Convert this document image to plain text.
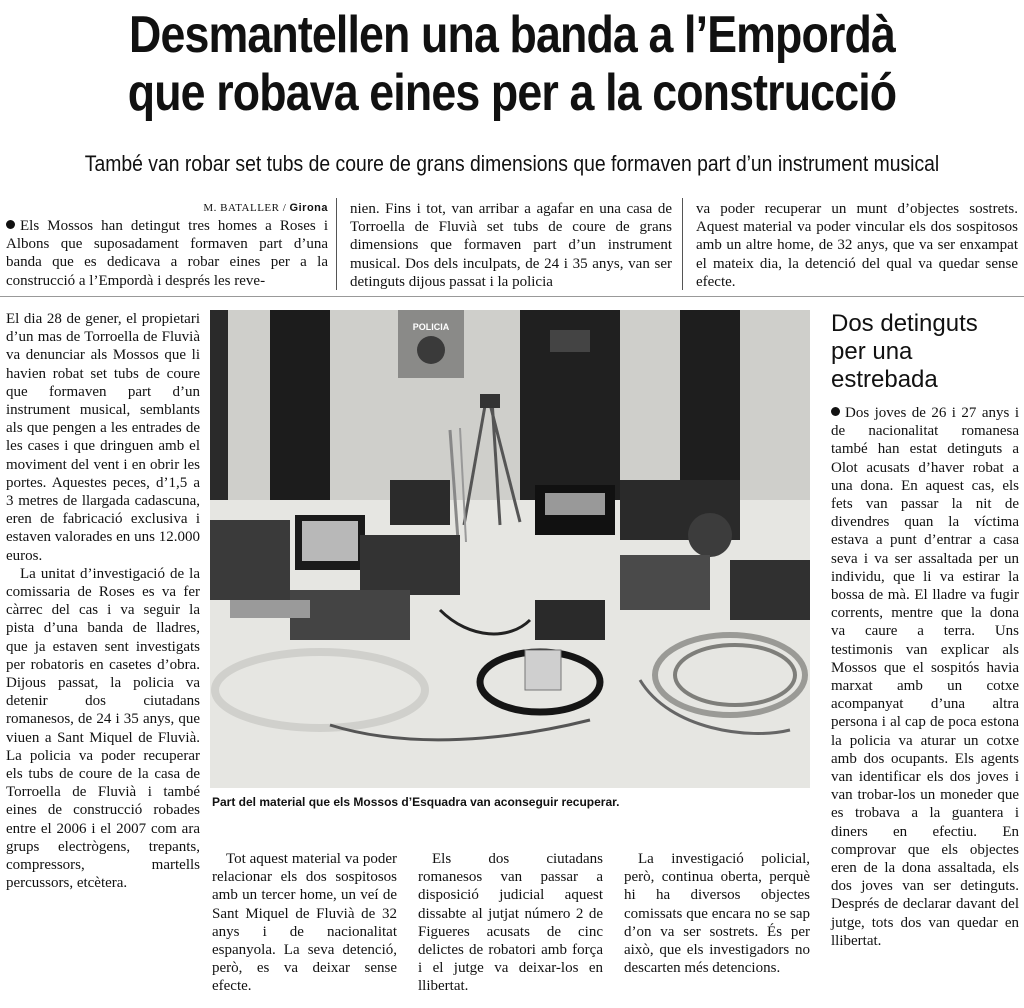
Desmantellen una banda a l’Empordà
que robava eines per a la construcció
També van robar set tubs de coure de grans dimensions que formaven part d’un instrument musical
M. BATALLER / Girona

Els Mossos han detingut tres homes a Roses i Albons que suposadament formaven part d’una banda que es dedicava a robar eines per a la construcció a l’Empordà i després les reve-

nien. Fins i tot, van arribar a agafar en una casa de Torroella de Fluvià set tubs de coure de grans dimensions que formaven part d’un instrument musical. Dos dels inculpats, de 24 i 35 anys, van ser detinguts dijous passat i la policia

va poder recuperar un munt d’objectes sostrets. Aquest material va poder vincular els dos sospitosos amb un altre home, de 32 anys, que va ser enxampat el mateix dia, la detenció del qual va quedar sense efecte.

El dia 28 de gener, el propietari d’un mas de Torroella de Fluvià va denunciar als Mossos que li havien robat set tubs de coure que formaven part d’un instrument musical, semblants als que pengen a les entrades de les cases i que dringuen amb el moviment del vent i en obrir les portes. Aquestes peces, d’1,5 a 3 metres de llargada cadascuna, eren de fabricació exclusiva i estaven valorades en uns 12.000 euros.

La unitat d’investigació de la comissaria de Roses es va fer càrrec del cas i va seguir la pista d’una banda de lladres, que ja estaven sent investigats per robatoris en casetes d’obra. Dijous passat, la policia va detenir dos ciutadans romanesos, de 24 i 35 anys, que viuen a Sant Miquel de Fluvià. La policia va poder recuperar els tubs de coure de la casa de Torroella de Fluvià i també eines de construcció robades entre el 2006 i el 2007 com ara grups electrògens, trepants, compressors, martells percussors, etcètera.

POLICIA
Part del material que els Mossos d’Esquadra van aconseguir recuperar.

Tot aquest material va poder relacionar els dos sospitosos amb un tercer home, un veí de Sant Miquel de Fluvià de 32 anys i de nacionalitat espanyola. La seva detenció, però, es va deixar sense efecte.

Els dos ciutadans romanesos van passar a disposició judicial aquest dissabte al jutjat número 2 de Figueres acusats de cinc delictes de robatori amb força i el jutge va deixar-los en llibertat.

La investigació policial, però, continua oberta, perquè hi ha diversos objectes comissats que encara no se sap d’on va ser sostrets. És per això, que els investigadors no descarten més detencions.

Dos detinguts
per una
estrebada

Dos joves de 26 i 27 anys i de nacionalitat romanesa també han estat detinguts a Olot acusats d’haver robat a una dona. En aquest cas, els fets van passar la nit de divendres quan la víctima estava a punt d’entrar a casa seva i va ser assaltada per un individu, que li va estirar la bossa de mà. El lladre va fugir corrents, mentre que la dona va caure a terra. Uns testimonis van explicar als Mossos que el sospitós havia marxat amb un cotxe acompanyat d’una altra persona i al cap de poca estona la policia va aturar un cotxe amb dos ocupants. Els agents van identificar els dos joves i van trobar-los un moneder que es trobava a la guantera i diners en efectiu. En comprovar que els objectes eren de la dona assaltada, els dos joves van ser detinguts. Després de declarar davant del jutge, tots dos van quedar en llibertat.
